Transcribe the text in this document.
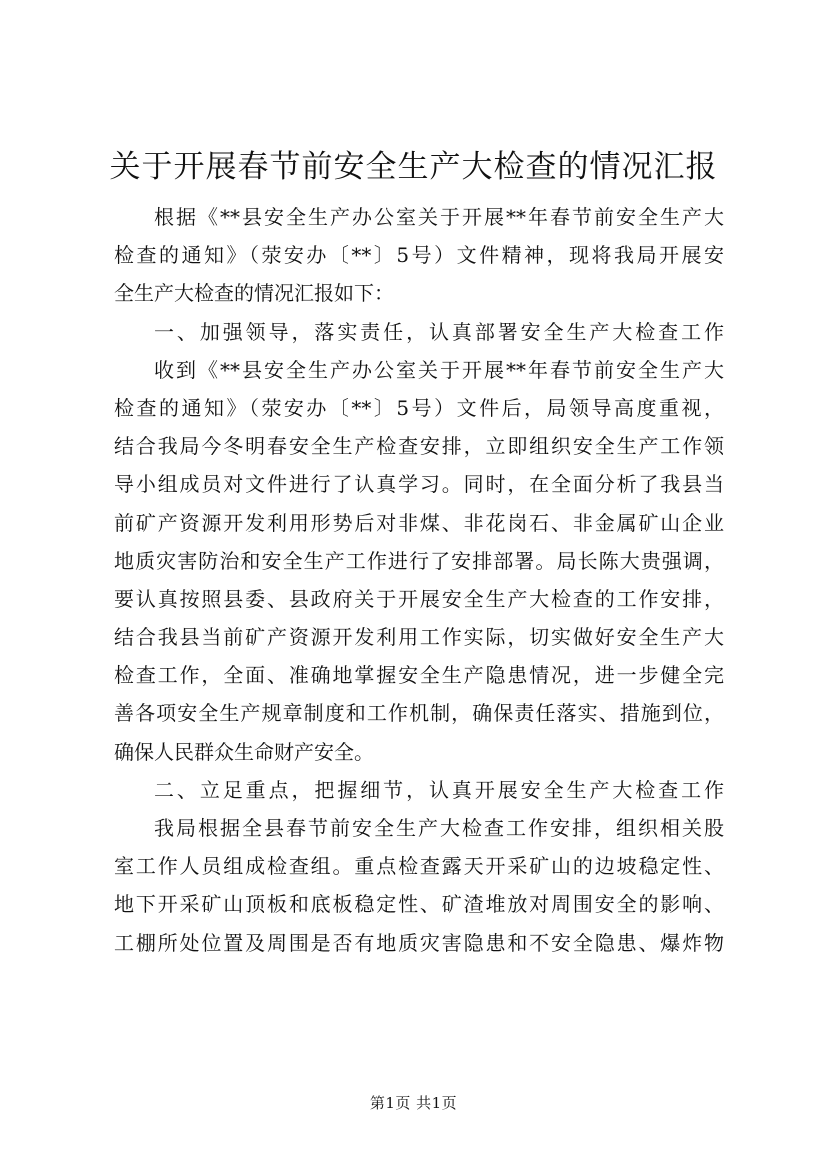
关于开展春节前安全生产大检查的情况汇报
根据《**县安全生产办公室关于开展**年春节前安全生产大
检查的通知》（荥安办〔**〕5号）文件精神，现将我局开展安
全生产大检查的情况汇报如下：
一、加强领导，落实责任，认真部署安全生产大检查工作
收到《**县安全生产办公室关于开展**年春节前安全生产大
检查的通知》（荥安办〔**〕5号）文件后，局领导高度重视，
结合我局今冬明春安全生产检查安排，立即组织安全生产工作领
导小组成员对文件进行了认真学习。同时，在全面分析了我县当
前矿产资源开发利用形势后对非煤、非花岗石、非金属矿山企业
地质灾害防治和安全生产工作进行了安排部署。局长陈大贵强调，
要认真按照县委、县政府关于开展安全生产大检查的工作安排，
结合我县当前矿产资源开发利用工作实际，切实做好安全生产大
检查工作，全面、准确地掌握安全生产隐患情况，进一步健全完
善各项安全生产规章制度和工作机制，确保责任落实、措施到位，
确保人民群众生命财产安全。
二、立足重点，把握细节，认真开展安全生产大检查工作
我局根据全县春节前安全生产大检查工作安排，组织相关股
室工作人员组成检查组。重点检查露天开采矿山的边坡稳定性、
地下开采矿山顶板和底板稳定性、矿渣堆放对周围安全的影响、
工棚所处位置及周围是否有地质灾害隐患和不安全隐患、爆炸物
第1页 共1页
